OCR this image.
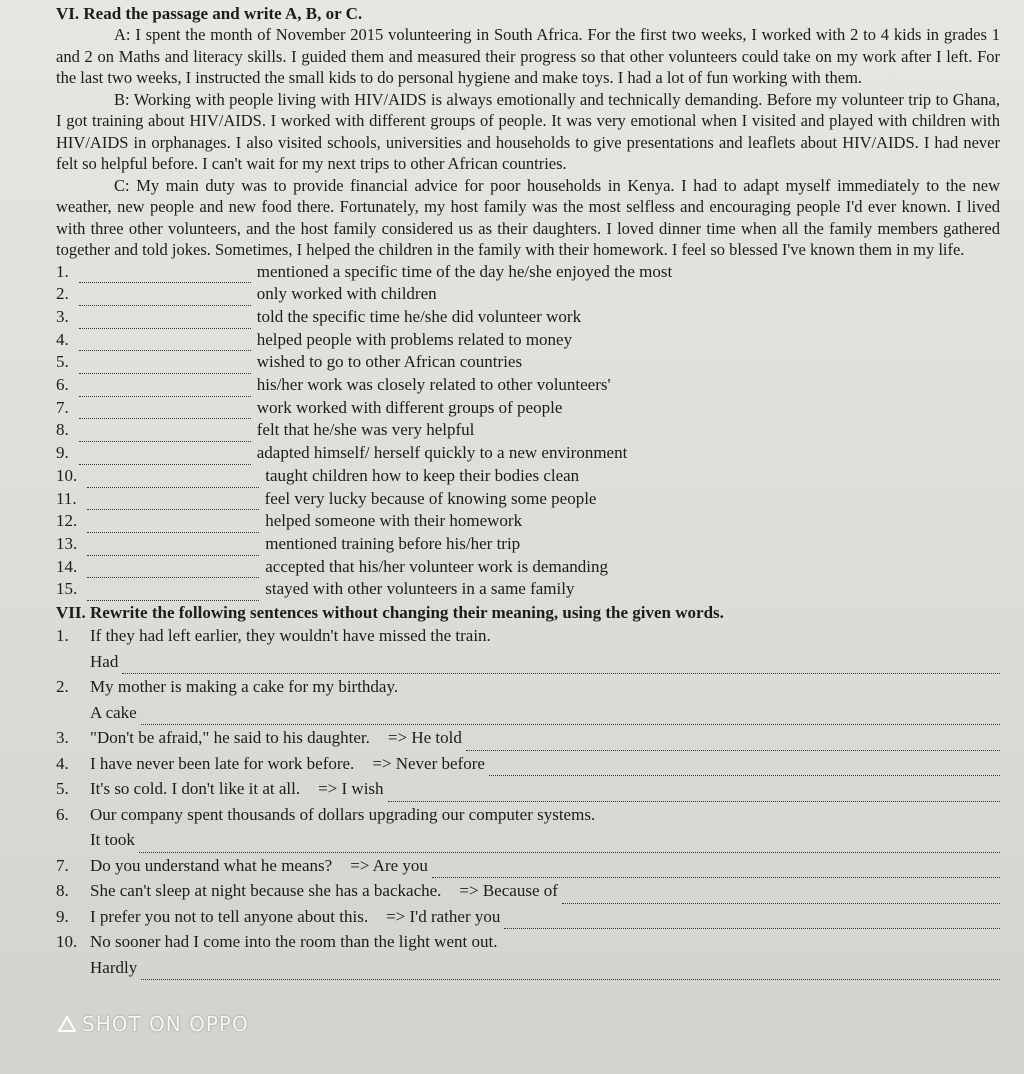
VI. Read the passage and write A, B, or C.

A: I spent the month of November 2015 volunteering in South Africa. For the first two weeks, I worked with 2 to 4 kids in grades 1 and 2 on Maths and literacy skills. I guided them and measured their progress so that other volunteers could take on my work after I left. For the last two weeks, I instructed the small kids to do personal hygiene and make toys. I had a lot of fun working with them.

B: Working with people living with HIV/AIDS is always emotionally and technically demanding. Before my volunteer trip to Ghana, I got training about HIV/AIDS. I worked with different groups of people. It was very emotional when I visited and played with children with HIV/AIDS in orphanages. I also visited schools, universities and households to give presentations and leaflets about HIV/AIDS. I had never felt so helpful before. I can't wait for my next trips to other African countries.

C: My main duty was to provide financial advice for poor households in Kenya. I had to adapt myself immediately to the new weather, new people and new food there. Fortunately, my host family was the most selfless and encouraging people I'd ever known. I lived with three other volunteers, and the host family considered us as their daughters. I loved dinner time when all the family members gathered together and told jokes. Sometimes, I helped the children in the family with their homework. I feel so blessed I've known them in my life.

1.	mentioned a specific time of the day he/she enjoyed the most
2.	only worked with children
3.	told the specific time he/she did volunteer work
4.	helped people with problems related to money
5.	wished to go to other African countries
6.	his/her work was closely related to other volunteers'
7.	work worked with different groups of people
8.	felt that he/she was very helpful
9.	adapted himself/ herself quickly to a new environment
10.	taught children how to keep their bodies clean
11.	feel very lucky because of knowing some people
12.	helped someone with their homework
13.	mentioned training before his/her trip
14.	accepted that his/her volunteer work is demanding
15.	stayed with other volunteers in a same family

VII. Rewrite the following sentences without changing their meaning, using the given words.

1.	If they had left earlier, they wouldn't have missed the train.
Had
2.	My mother is making a cake for my birthday.
A cake
3.	"Don't be afraid," he said to his daughter. => He told
4.	I have never been late for work before. => Never before
5.	It's so cold. I don't like it at all. => I wish
6.	Our company spent thousands of dollars upgrading our computer systems.
It took
7.	Do you understand what he means? => Are you
8.	She can't sleep at night because she has a backache. => Because of
9.	I prefer you not to tell anyone about this. => I'd rather you
10. No sooner had I come into the room than the light went out.
Hardly
SHOT ON OPPO
